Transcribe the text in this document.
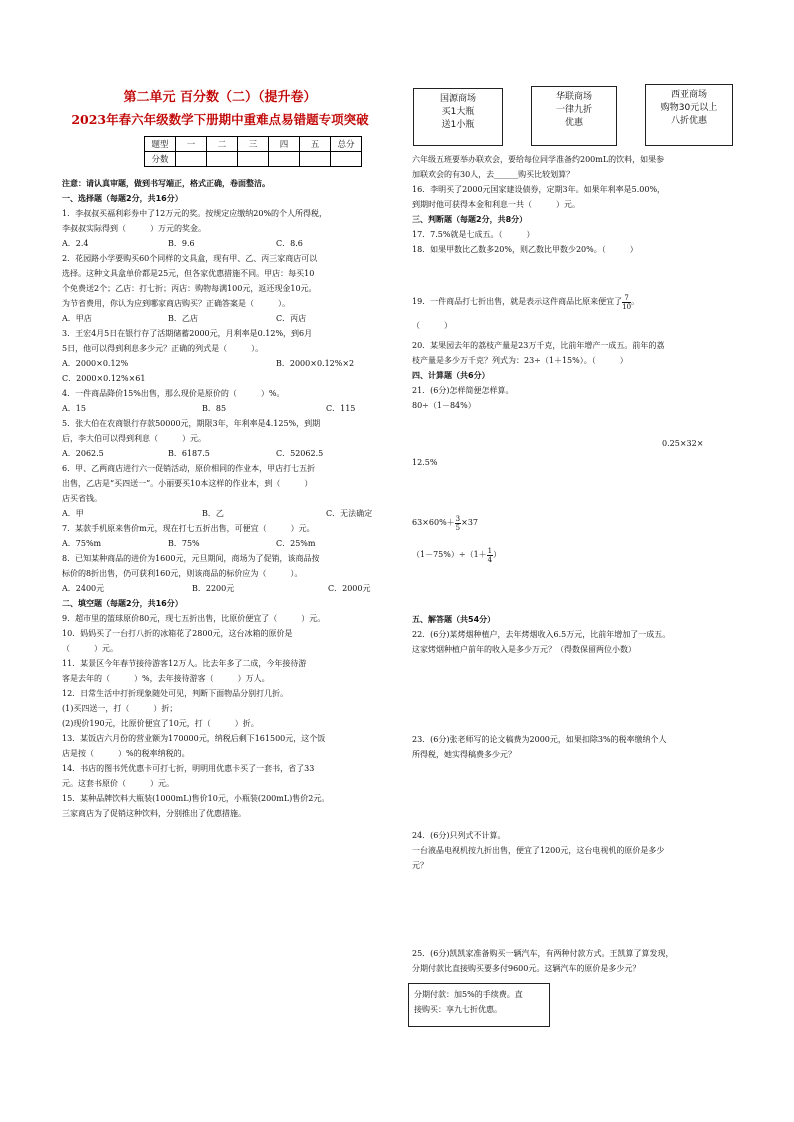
第二单元 百分数（二）（提升卷）
2023年春六年级数学下册期中重难点易错题专项突破
题型	一	二	三	四	五	总分
分数						

注意：请认真审题，做到书写端正，格式正确，卷面整洁。

一、选择题（每题2分，共16分）

1．李叔叔买福利彩券中了12万元的奖。按规定应缴纳20%的个人所得税，

李叔叔实际得到（　　　）万元的奖金。

A．2.4	B．9.6	C．8.6

2．花园路小学要购买60个同样的文具盒，现有甲、乙、丙三家商店可以

选择。这种文具盒单价都是25元，但各家优惠措施不同。甲店：每买10

个免费送2个；乙店：打七折；丙店：购物每满100元，返还现金10元。

为节省费用，你认为应到哪家商店购买？正确答案是（　　　）。

A．甲店	B．乙店	C．丙店

3．王宏4月5日在银行存了活期储蓄2000元，月利率是0.12%，到6月

5日，他可以得到利息多少元？正确的列式是（　　　）。

A．2000×0.12%	B．2000×0.12%×2

C．2000×0.12%×61

4．一件商品降价15%出售，那么现价是原价的（　　　）%。

A．15	B．85	C．115

5．张大伯在农商银行存款50000元，期限3年，年利率是4.125%，到期

后，李大伯可以得到利息（　　　）元。

A．2062.5	B．6187.5	C．52062.5

6．甲、乙两商店进行六一促销活动，原价相同的作业本，甲店打七五折

出售，乙店是“买四送一”。小丽要买10本这样的作业本，到（　　　）

店买省钱。

A．甲	B．乙	C．无法确定

7．某款手机原来售价m元，现在打七五折出售，可便宜（　　　）元。

A．75%m	B．75%	C．25%m

8．已知某种商品的进价为1600元，元旦期间，商场为了促销，该商品按

标价的8折出售，仍可获利160元，则该商品的标价应为（　　　）。

A．2400元	B．2200元	C．2000元

二、填空题（每题2分，共16分）

9．超市里的篮球原价80元，现七五折出售，比原价便宜了（　　　）元。

10．妈妈买了一台打八折的冰箱花了2800元，这台冰箱的原价是

（　　　）元。

11．某景区今年春节接待游客12万人。比去年多了二成，今年接待游

客是去年的（　　　）%，去年接待游客（　　　）万人。

12．日常生活中打折现象随处可见，判断下面物品分别打几折。

(1)买四送一，打（　　　）折；

(2)现价190元，比原价便宜了10元，打（　　　）折。

13．某饭店六月份的营业额为170000元，纳税后剩下161500元，这个饭

店是按（　　　）%的税率纳税的。

14．书店的图书凭优惠卡可打七折，明明用优惠卡买了一套书，省了33

元。这套书原价（　　　）元。

15．某种品牌饮料大瓶装(1000mL)售价10元，小瓶装(200mL)售价2元。

三家商店为了促销这种饮料，分别推出了优惠措施。

国源商场
买1大瓶
送1小瓶
华联商场
一律九折
优惠
西亚商场
购物30元以上
八折优惠

六年级五班要举办联欢会，要给每位同学准备约200mL的饮料，如果参

加联欢会的有30人，去______购买比较划算？

16．李明买了2000元国家建设债券，定期3年。如果年利率是5.00%，

到期时他可获得本金和利息一共（　　　）元。

三、判断题（每题2分，共8分）

17．7.5%就是七成五。（　　　）

18．如果甲数比乙数多20%，则乙数比甲数少20%。（　　　）

19．一件商品打七折出售，就是表示这件商品比原来便宜了 $\frac{7}{10}$ 。

（　　　）

20．某果园去年的荔枝产量是23万千克，比前年增产一成五。前年的荔

枝产量是多少万千克？列式为：23÷（1＋15%）。（　　　）

四、计算题（共6分）

21．(6分)怎样简便怎样算。

80÷（1－84%）

0.25×32×

12.5%

$63\times 60\%+ \frac{3}{5} \times 37$

$(1-75\%)\div(1+ \frac{1}{4}$ ）

五、解答题（共54分）

22．(6分)某烤烟种植户，去年烤烟收入6.5万元，比前年增加了一成五。

这家烤烟种植户前年的收入是多少万元？（得数保留两位小数）

23．(6分)张老师写的论文稿费为2000元，如果扣除3%的税率缴纳个人

所得税，她实得稿费多少元？

24．(6分)只列式不计算。

一台液晶电视机按九折出售，便宜了1200元，这台电视机的原价是多少

元？

25．(6分)凯凯家准备购买一辆汽车，有两种付款方式。王凯算了算发现，

分期付款比直接购买要多付9600元。这辆汽车的原价是多少元？

分期付款：加5%的手续费。直
接购买：享九七折优惠。
